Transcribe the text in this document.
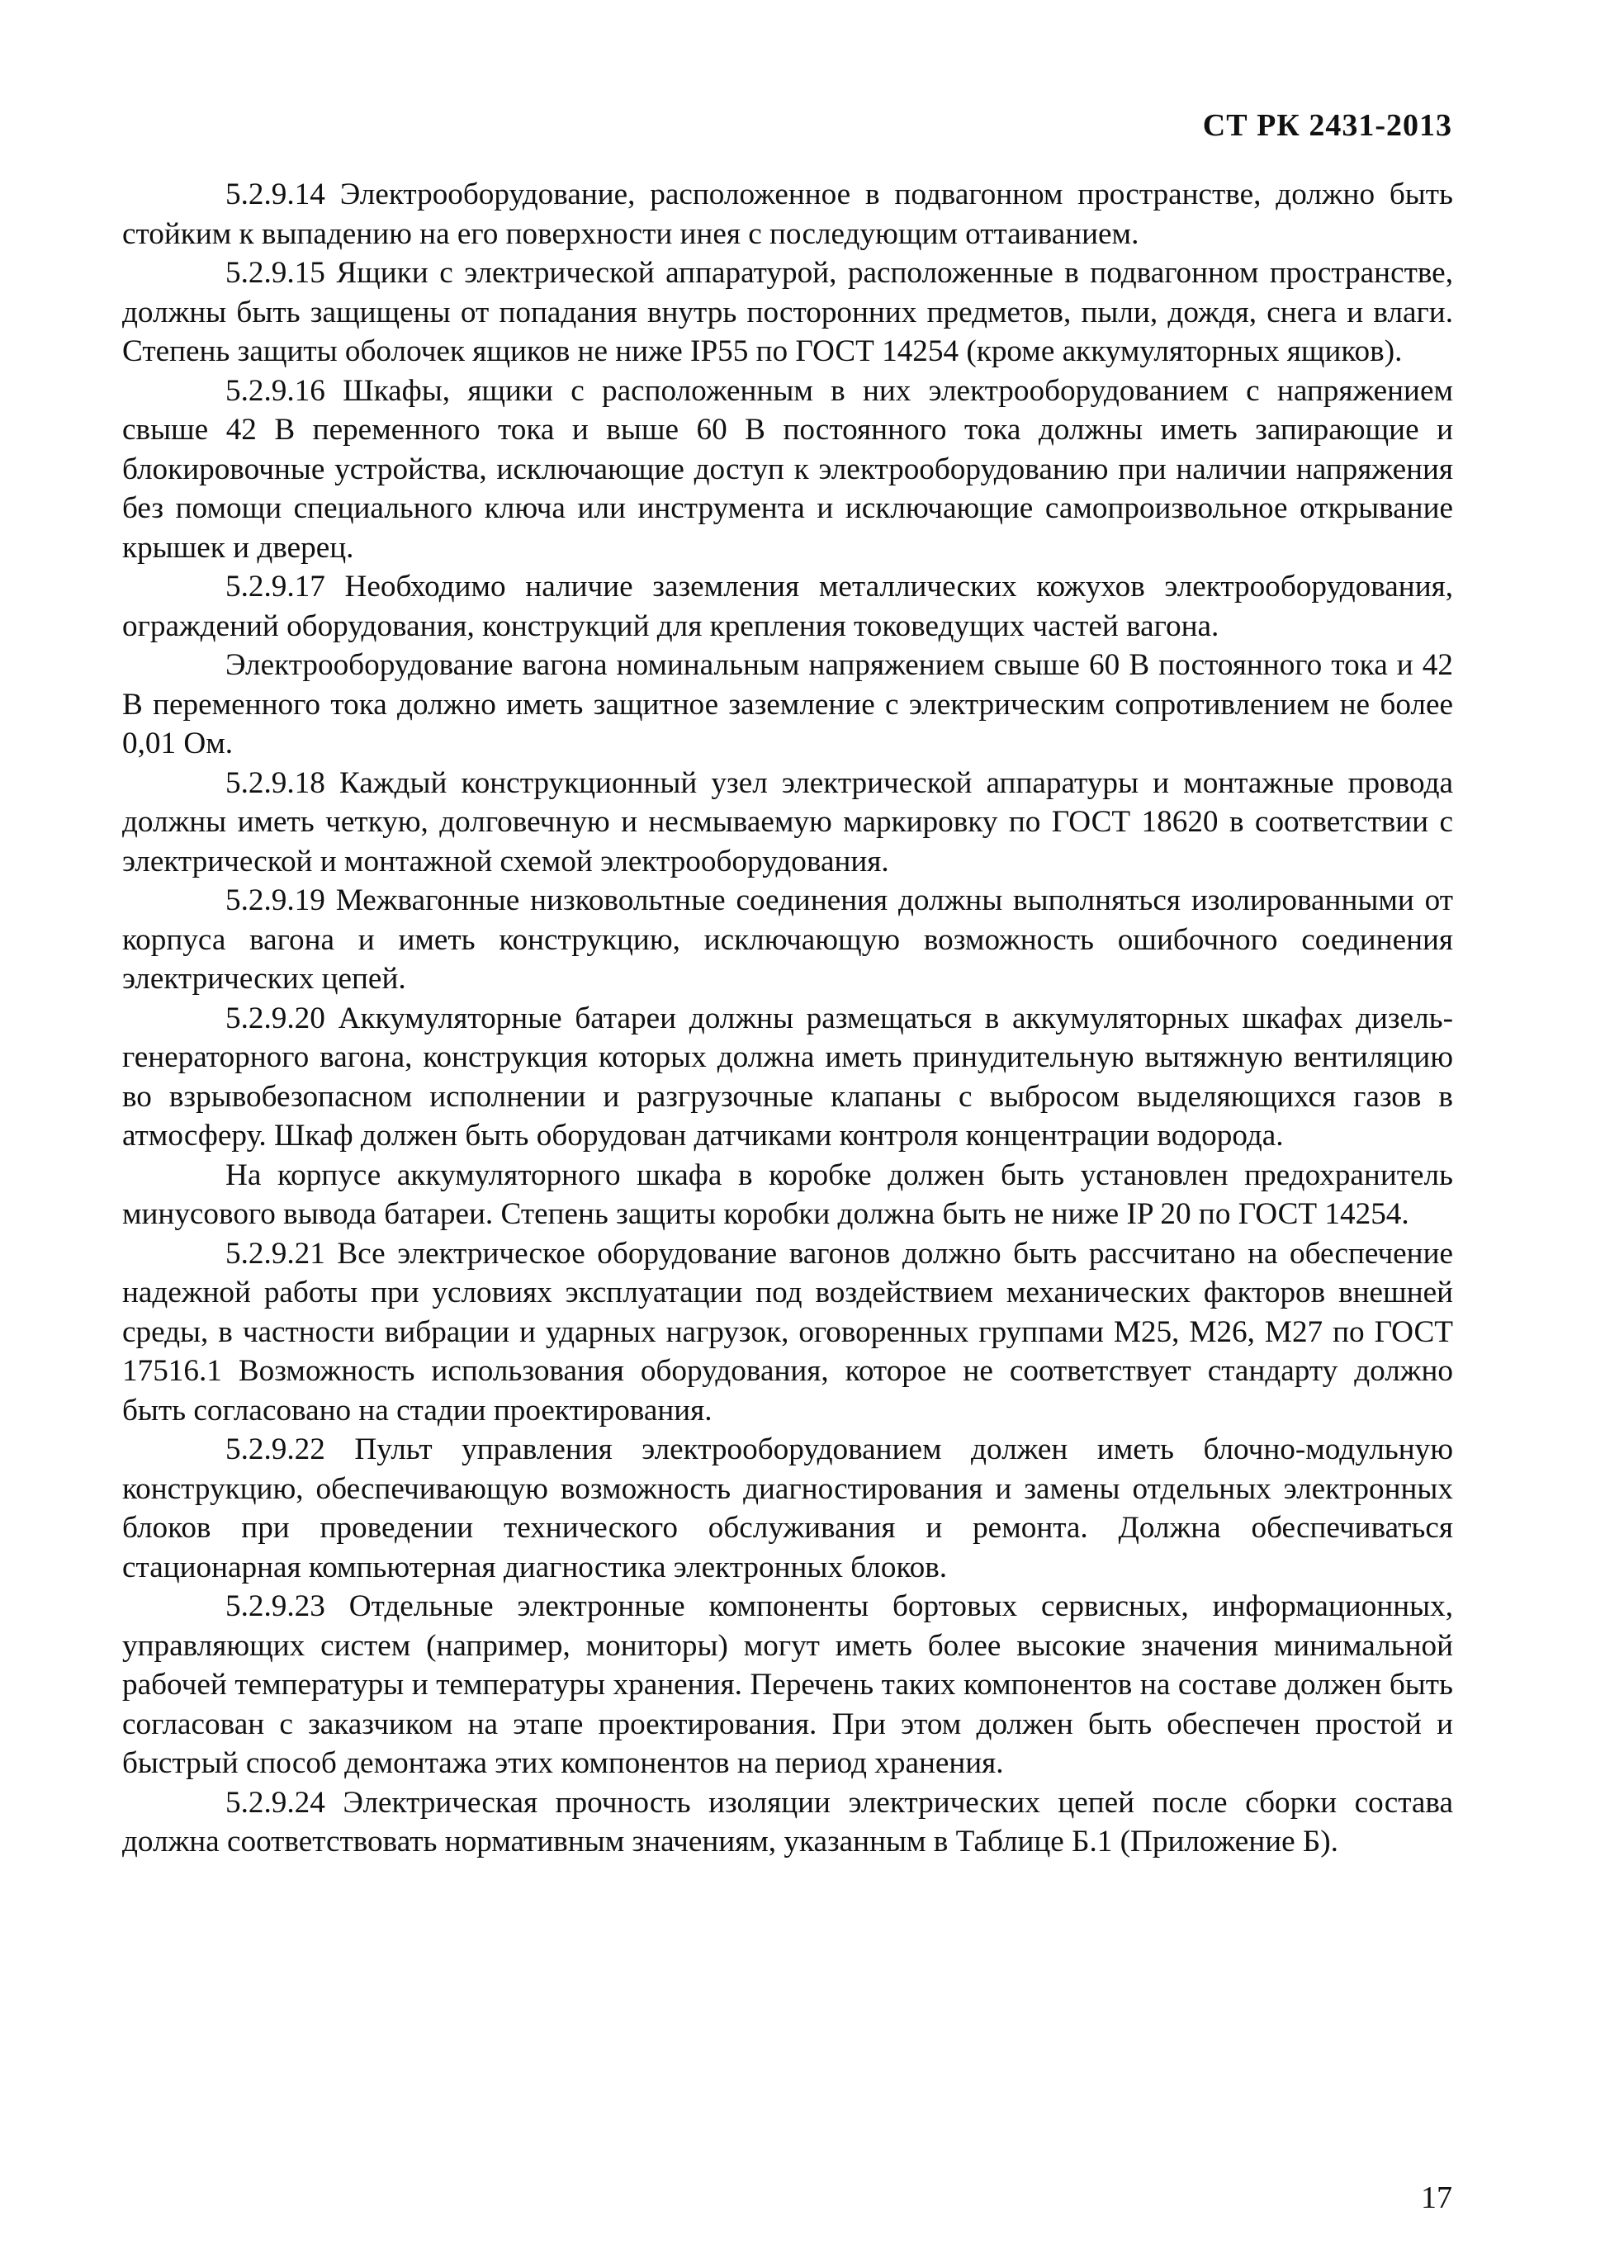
СТ РК 2431-2013

5.2.9.14 Электрооборудование, расположенное в подвагонном пространстве, должно быть стойким к выпадению на его поверхности инея с последующим оттаиванием.

5.2.9.15 Ящики с электрической аппаратурой, расположенные в подвагонном пространстве, должны быть защищены от попадания внутрь посторонних предметов, пыли, дождя, снега и влаги. Степень защиты оболочек ящиков не ниже IP55 по ГОСТ 14254 (кроме аккумуляторных ящиков).

5.2.9.16 Шкафы, ящики с расположенным в них электрооборудованием с напряжением свыше 42 В переменного тока и выше 60 В постоянного тока должны иметь запирающие и блокировочные устройства, исключающие доступ к электрооборудованию при наличии напряжения без помощи специального ключа или инструмента и исключающие самопроизвольное открывание крышек и дверец.

5.2.9.17 Необходимо наличие заземления металлических кожухов электрооборудования, ограждений оборудования, конструкций для крепления токоведущих частей вагона.

Электрооборудование вагона номинальным напряжением свыше 60 В постоянного тока и 42 В переменного тока должно иметь защитное заземление с электрическим сопротивлением не более 0,01 Ом.

5.2.9.18 Каждый конструкционный узел электрической аппаратуры и монтажные провода должны иметь четкую, долговечную и несмываемую маркировку по ГОСТ 18620 в соответствии с электрической и монтажной схемой электрооборудования.

5.2.9.19 Межвагонные низковольтные соединения должны выполняться изолированными от корпуса вагона и иметь конструкцию, исключающую возможность ошибочного соединения электрических цепей.

5.2.9.20 Аккумуляторные батареи должны размещаться в аккумуляторных шкафах дизель-генераторного вагона, конструкция которых должна иметь принудительную вытяжную вентиляцию во взрывобезопасном исполнении и разгрузочные клапаны с выбросом выделяющихся газов в атмосферу. Шкаф должен быть оборудован датчиками контроля концентрации водорода.

На корпусе аккумуляторного шкафа в коробке должен быть установлен предохранитель минусового вывода батареи. Степень защиты коробки должна быть не ниже IP 20 по ГОСТ 14254.

5.2.9.21 Все электрическое оборудование вагонов должно быть рассчитано на обеспечение надежной работы при условиях эксплуатации под воздействием механических факторов внешней среды, в частности вибрации и ударных нагрузок, оговоренных группами М25, М26, М27 по ГОСТ 17516.1 Возможность использования оборудования, которое не соответствует стандарту должно быть согласовано на стадии проектирования.

5.2.9.22 Пульт управления электрооборудованием должен иметь блочно-модульную конструкцию, обеспечивающую возможность диагностирования и замены отдельных электронных блоков при проведении технического обслуживания и ремонта. Должна обеспечиваться стационарная компьютерная диагностика электронных блоков.

5.2.9.23 Отдельные электронные компоненты бортовых сервисных, информационных, управляющих систем (например, мониторы) могут иметь более высокие значения минимальной рабочей температуры и температуры хранения. Перечень таких компонентов на составе должен быть согласован с заказчиком на этапе проектирования. При этом должен быть обеспечен простой и быстрый способ демонтажа этих компонентов на период хранения.

5.2.9.24 Электрическая прочность изоляции электрических цепей после сборки состава должна соответствовать нормативным значениям, указанным в Таблице Б.1 (Приложение Б).

17
